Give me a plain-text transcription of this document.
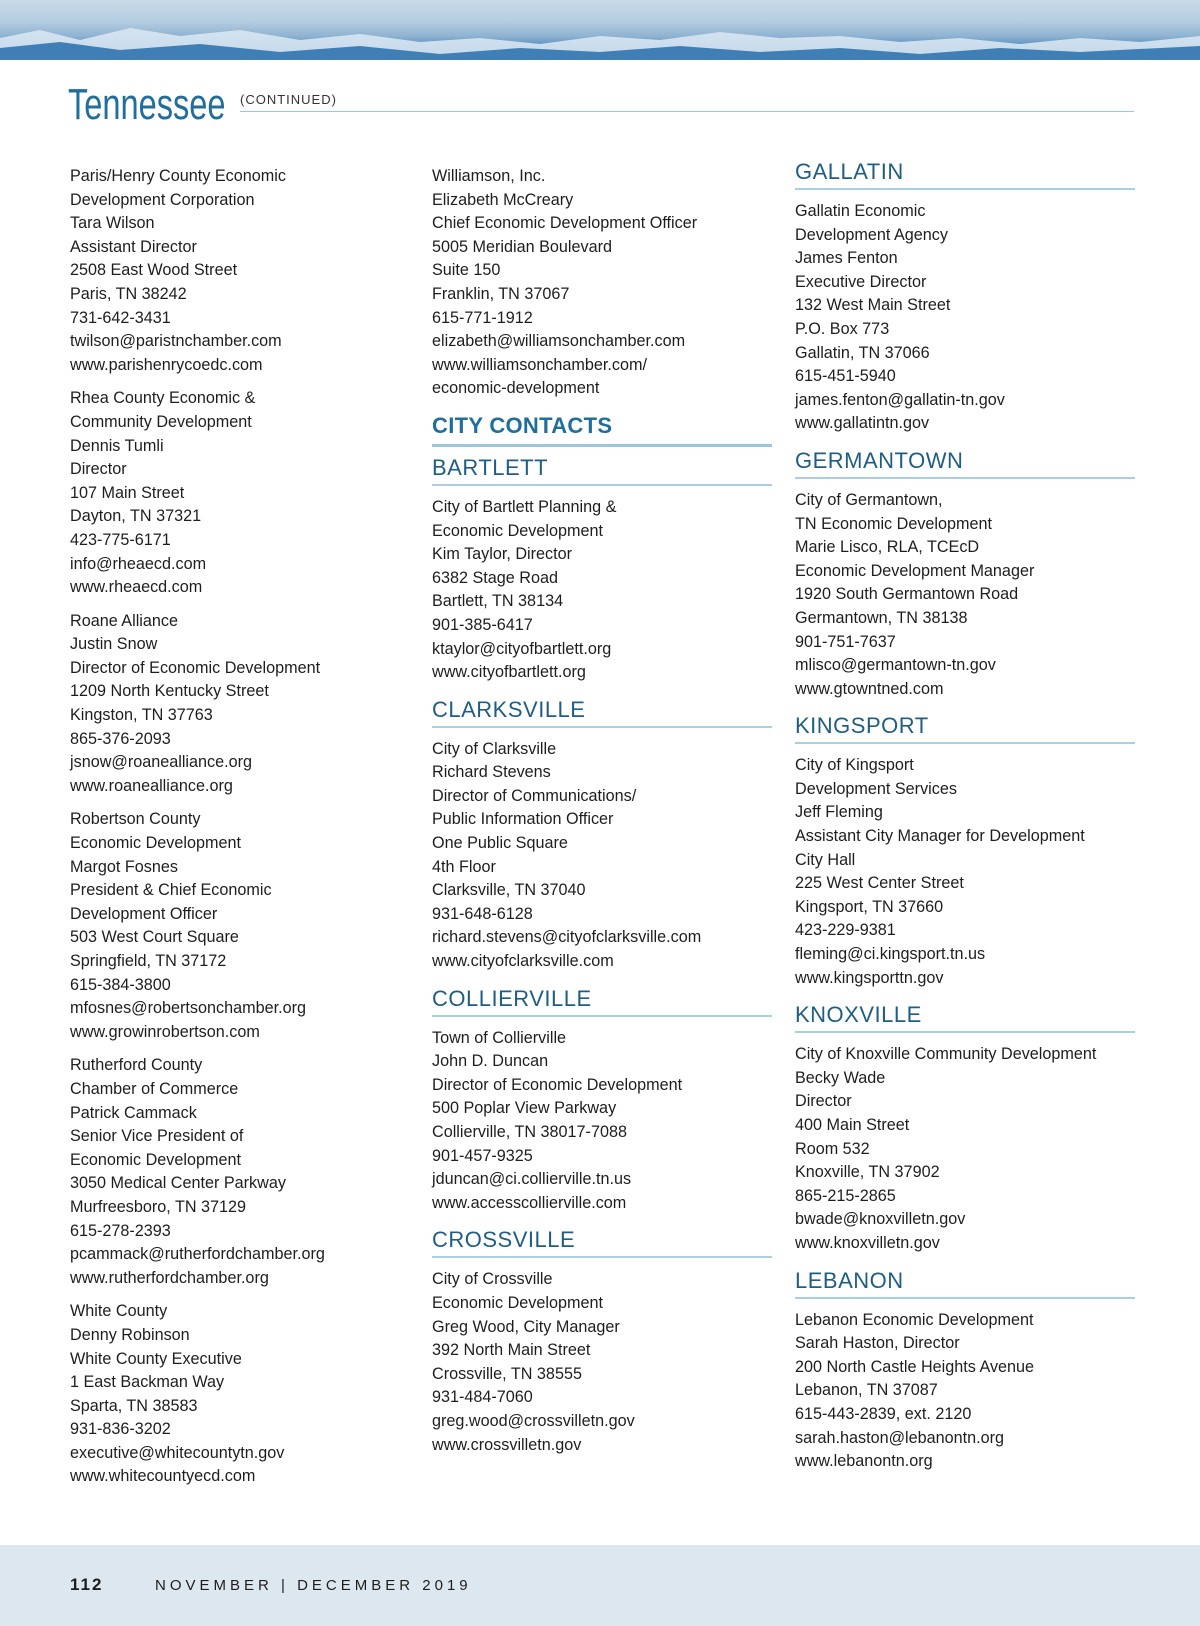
Tennessee (CONTINUED)
Paris/Henry County Economic
Development Corporation
Tara Wilson
Assistant Director
2508 East Wood Street
Paris, TN 38242
731-642-3431
twilson@paristnchamber.com
www.parishenrycoedc.com
Rhea County Economic &
Community Development
Dennis Tumli
Director
107 Main Street
Dayton, TN 37321
423-775-6171
info@rheaecd.com
www.rheaecd.com
Roane Alliance
Justin Snow
Director of Economic Development
1209 North Kentucky Street
Kingston, TN 37763
865-376-2093
jsnow@roanealliance.org
www.roanealliance.org
Robertson County
Economic Development
Margot Fosnes
President & Chief Economic
Development Officer
503 West Court Square
Springfield, TN 37172
615-384-3800
mfosnes@robertsonchamber.org
www.growinrobertson.com
Rutherford County
Chamber of Commerce
Patrick Cammack
Senior Vice President of
Economic Development
3050 Medical Center Parkway
Murfreesboro, TN 37129
615-278-2393
pcammack@rutherfordchamber.org
www.rutherfordchamber.org
White County
Denny Robinson
White County Executive
1 East Backman Way
Sparta, TN 38583
931-836-3202
executive@whitecountytn.gov
www.whitecountyecd.com
Williamson, Inc.
Elizabeth McCreary
Chief Economic Development Officer
5005 Meridian Boulevard
Suite 150
Franklin, TN 37067
615-771-1912
elizabeth@williamsonchamber.com
www.williamsonchamber.com/
economic-development
CITY CONTACTS
BARTLETT
City of Bartlett Planning &
Economic Development
Kim Taylor, Director
6382 Stage Road
Bartlett, TN 38134
901-385-6417
ktaylor@cityofbartlett.org
www.cityofbartlett.org
CLARKSVILLE
City of Clarksville
Richard Stevens
Director of Communications/
Public Information Officer
One Public Square
4th Floor
Clarksville, TN 37040
931-648-6128
richard.stevens@cityofclarksville.com
www.cityofclarksville.com
COLLIERVILLE
Town of Collierville
John D. Duncan
Director of Economic Development
500 Poplar View Parkway
Collierville, TN 38017-7088
901-457-9325
jduncan@ci.collierville.tn.us
www.accesscollierville.com
CROSSVILLE
City of Crossville
Economic Development
Greg Wood, City Manager
392 North Main Street
Crossville, TN 38555
931-484-7060
greg.wood@crossvilletn.gov
www.crossvilletn.gov
GALLATIN
Gallatin Economic
Development Agency
James Fenton
Executive Director
132 West Main Street
P.O. Box 773
Gallatin, TN 37066
615-451-5940
james.fenton@gallatin-tn.gov
www.gallatintn.gov
GERMANTOWN
City of Germantown,
TN Economic Development
Marie Lisco, RLA, TCEcD
Economic Development Manager
1920 South Germantown Road
Germantown, TN 38138
901-751-7637
mlisco@germantown-tn.gov
www.gtowntned.com
KINGSPORT
City of Kingsport
Development Services
Jeff Fleming
Assistant City Manager for Development
City Hall
225 West Center Street
Kingsport, TN 37660
423-229-9381
fleming@ci.kingsport.tn.us
www.kingsporttn.gov
KNOXVILLE
City of Knoxville Community Development
Becky Wade
Director
400 Main Street
Room 532
Knoxville, TN 37902
865-215-2865
bwade@knoxvilletn.gov
www.knoxvilletn.gov
LEBANON
Lebanon Economic Development
Sarah Haston, Director
200 North Castle Heights Avenue
Lebanon, TN 37087
615-443-2839, ext. 2120
sarah.haston@lebanontn.org
www.lebanontn.org
112	NOVEMBER | DECEMBER 2019
